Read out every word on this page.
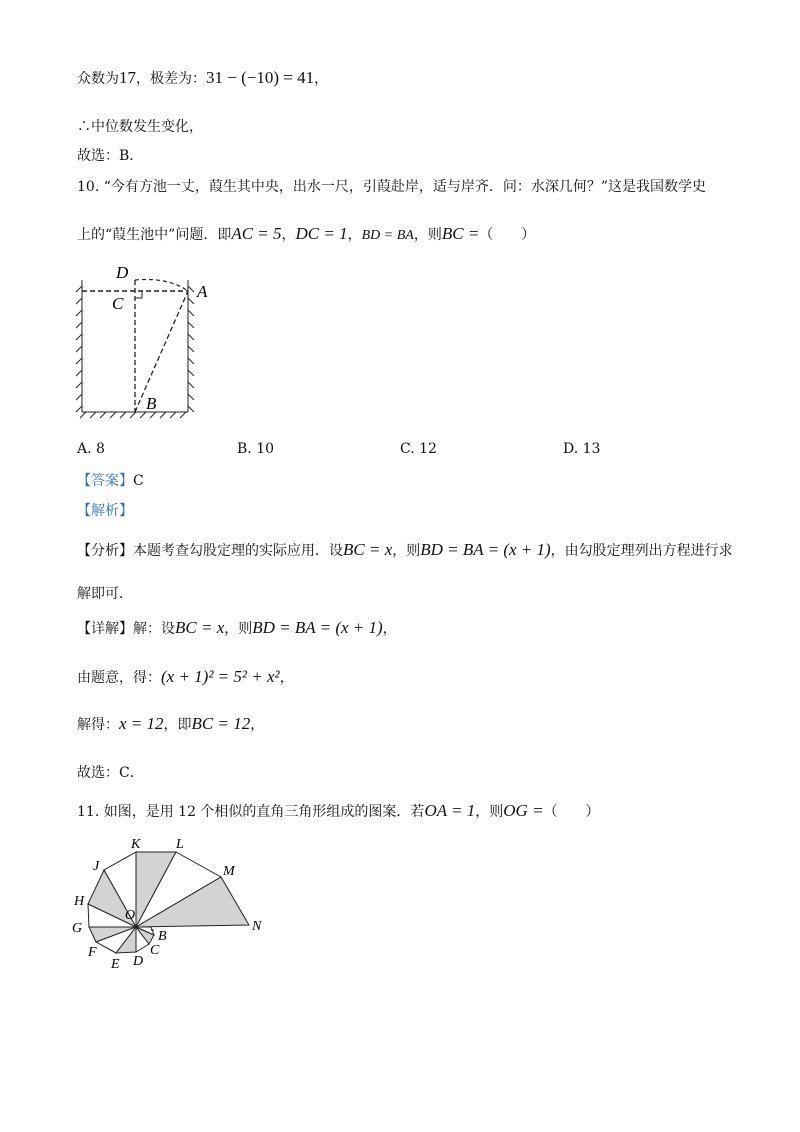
众数为17，极差为：31 − (−10) = 41，
∴中位数发生变化，
故选：B．
10. “今有方池一丈，葭生其中央，出水一尺，引葭赴岸，适与岸齐．问：水深几何？”这是我国数学史
上的“葭生池中”问题．即AC = 5，DC = 1，BD = BA，则BC =（　　）
D
C
A
B
A. 8	B. 10	C. 12	D. 13
【答案】C
【解析】
【分析】本题考查勾股定理的实际应用．设BC = x，则BD = BA = (x + 1)，由勾股定理列出方程进行求
解即可．
【详解】解：设BC = x，则BD = BA = (x + 1)，
由题意，得：(x + 1)² = 5² + x²，
解得：x = 12，即BC = 12，
故选：C．
11. 如图，是用 12 个相似的直角三角形组成的图案．若OA = 1，则OG =（　　）
K	L
J	M
H
O
G	N
B
F	C
E D
